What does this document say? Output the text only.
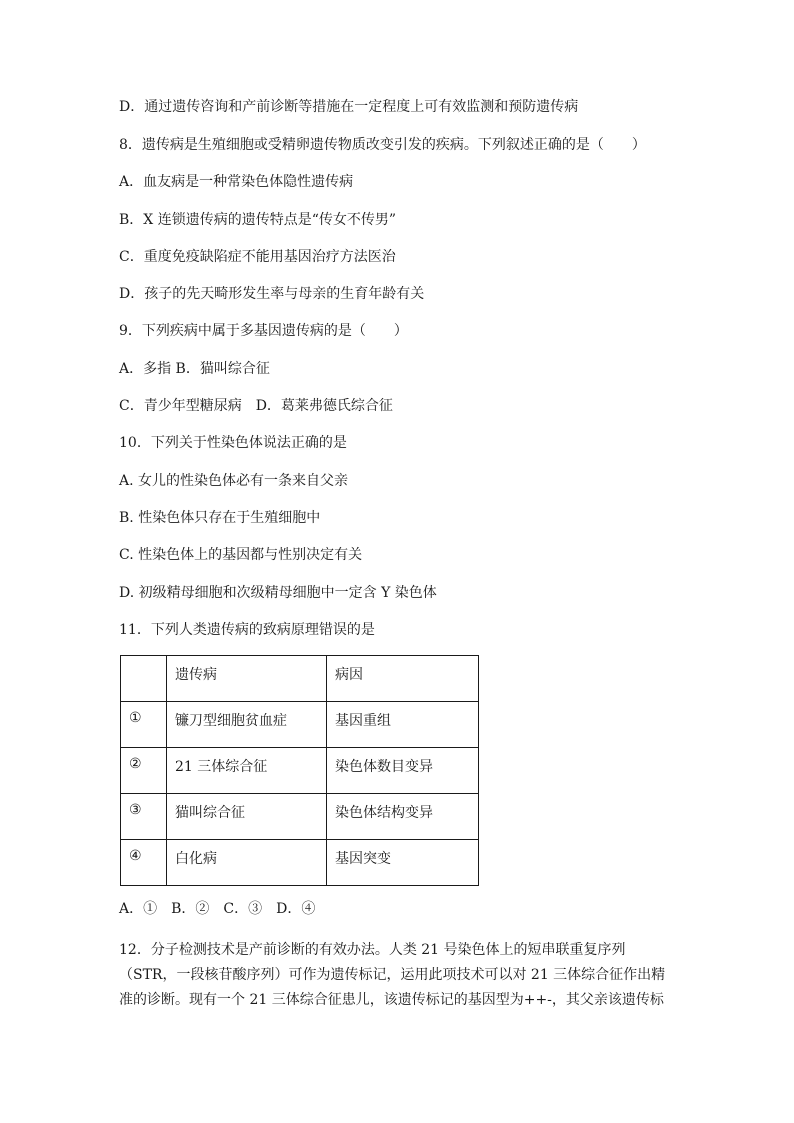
D．通过遗传咨询和产前诊断等措施在一定程度上可有效监测和预防遗传病
8．遗传病是生殖细胞或受精卵遗传物质改变引发的疾病。下列叙述正确的是（　　）
A．血友病是一种常染色体隐性遗传病
B．X 连锁遗传病的遗传特点是“传女不传男”
C．重度免疫缺陷症不能用基因治疗方法医治
D．孩子的先天畸形发生率与母亲的生育年龄有关
9．下列疾病中属于多基因遗传病的是（　　）
A．多指 B．猫叫综合征
C．青少年型糖尿病　D．葛莱弗德氏综合征
10．下列关于性染色体说法正确的是
A. 女儿的性染色体必有一条来自父亲
B. 性染色体只存在于生殖细胞中
C. 性染色体上的基因都与性别决定有关
D. 初级精母细胞和次级精母细胞中一定含 Y 染色体
11．下列人类遗传病的致病原理错误的是
	遗传病	病因
①	镰刀型细胞贫血症	基因重组
②	21 三体综合征	染色体数目变异
③	猫叫综合征	染色体结构变异
④	白化病	基因突变
A．①　B．②　C．③　D．④
12．分子检测技术是产前诊断的有效办法。人类 21 号染色体上的短串联重复序列
（STR，一段核苷酸序列）可作为遗传标记，运用此项技术可以对 21 三体综合征作出精
准的诊断。现有一个 21 三体综合征患儿，该遗传标记的基因型为++-，其父亲该遗传标
